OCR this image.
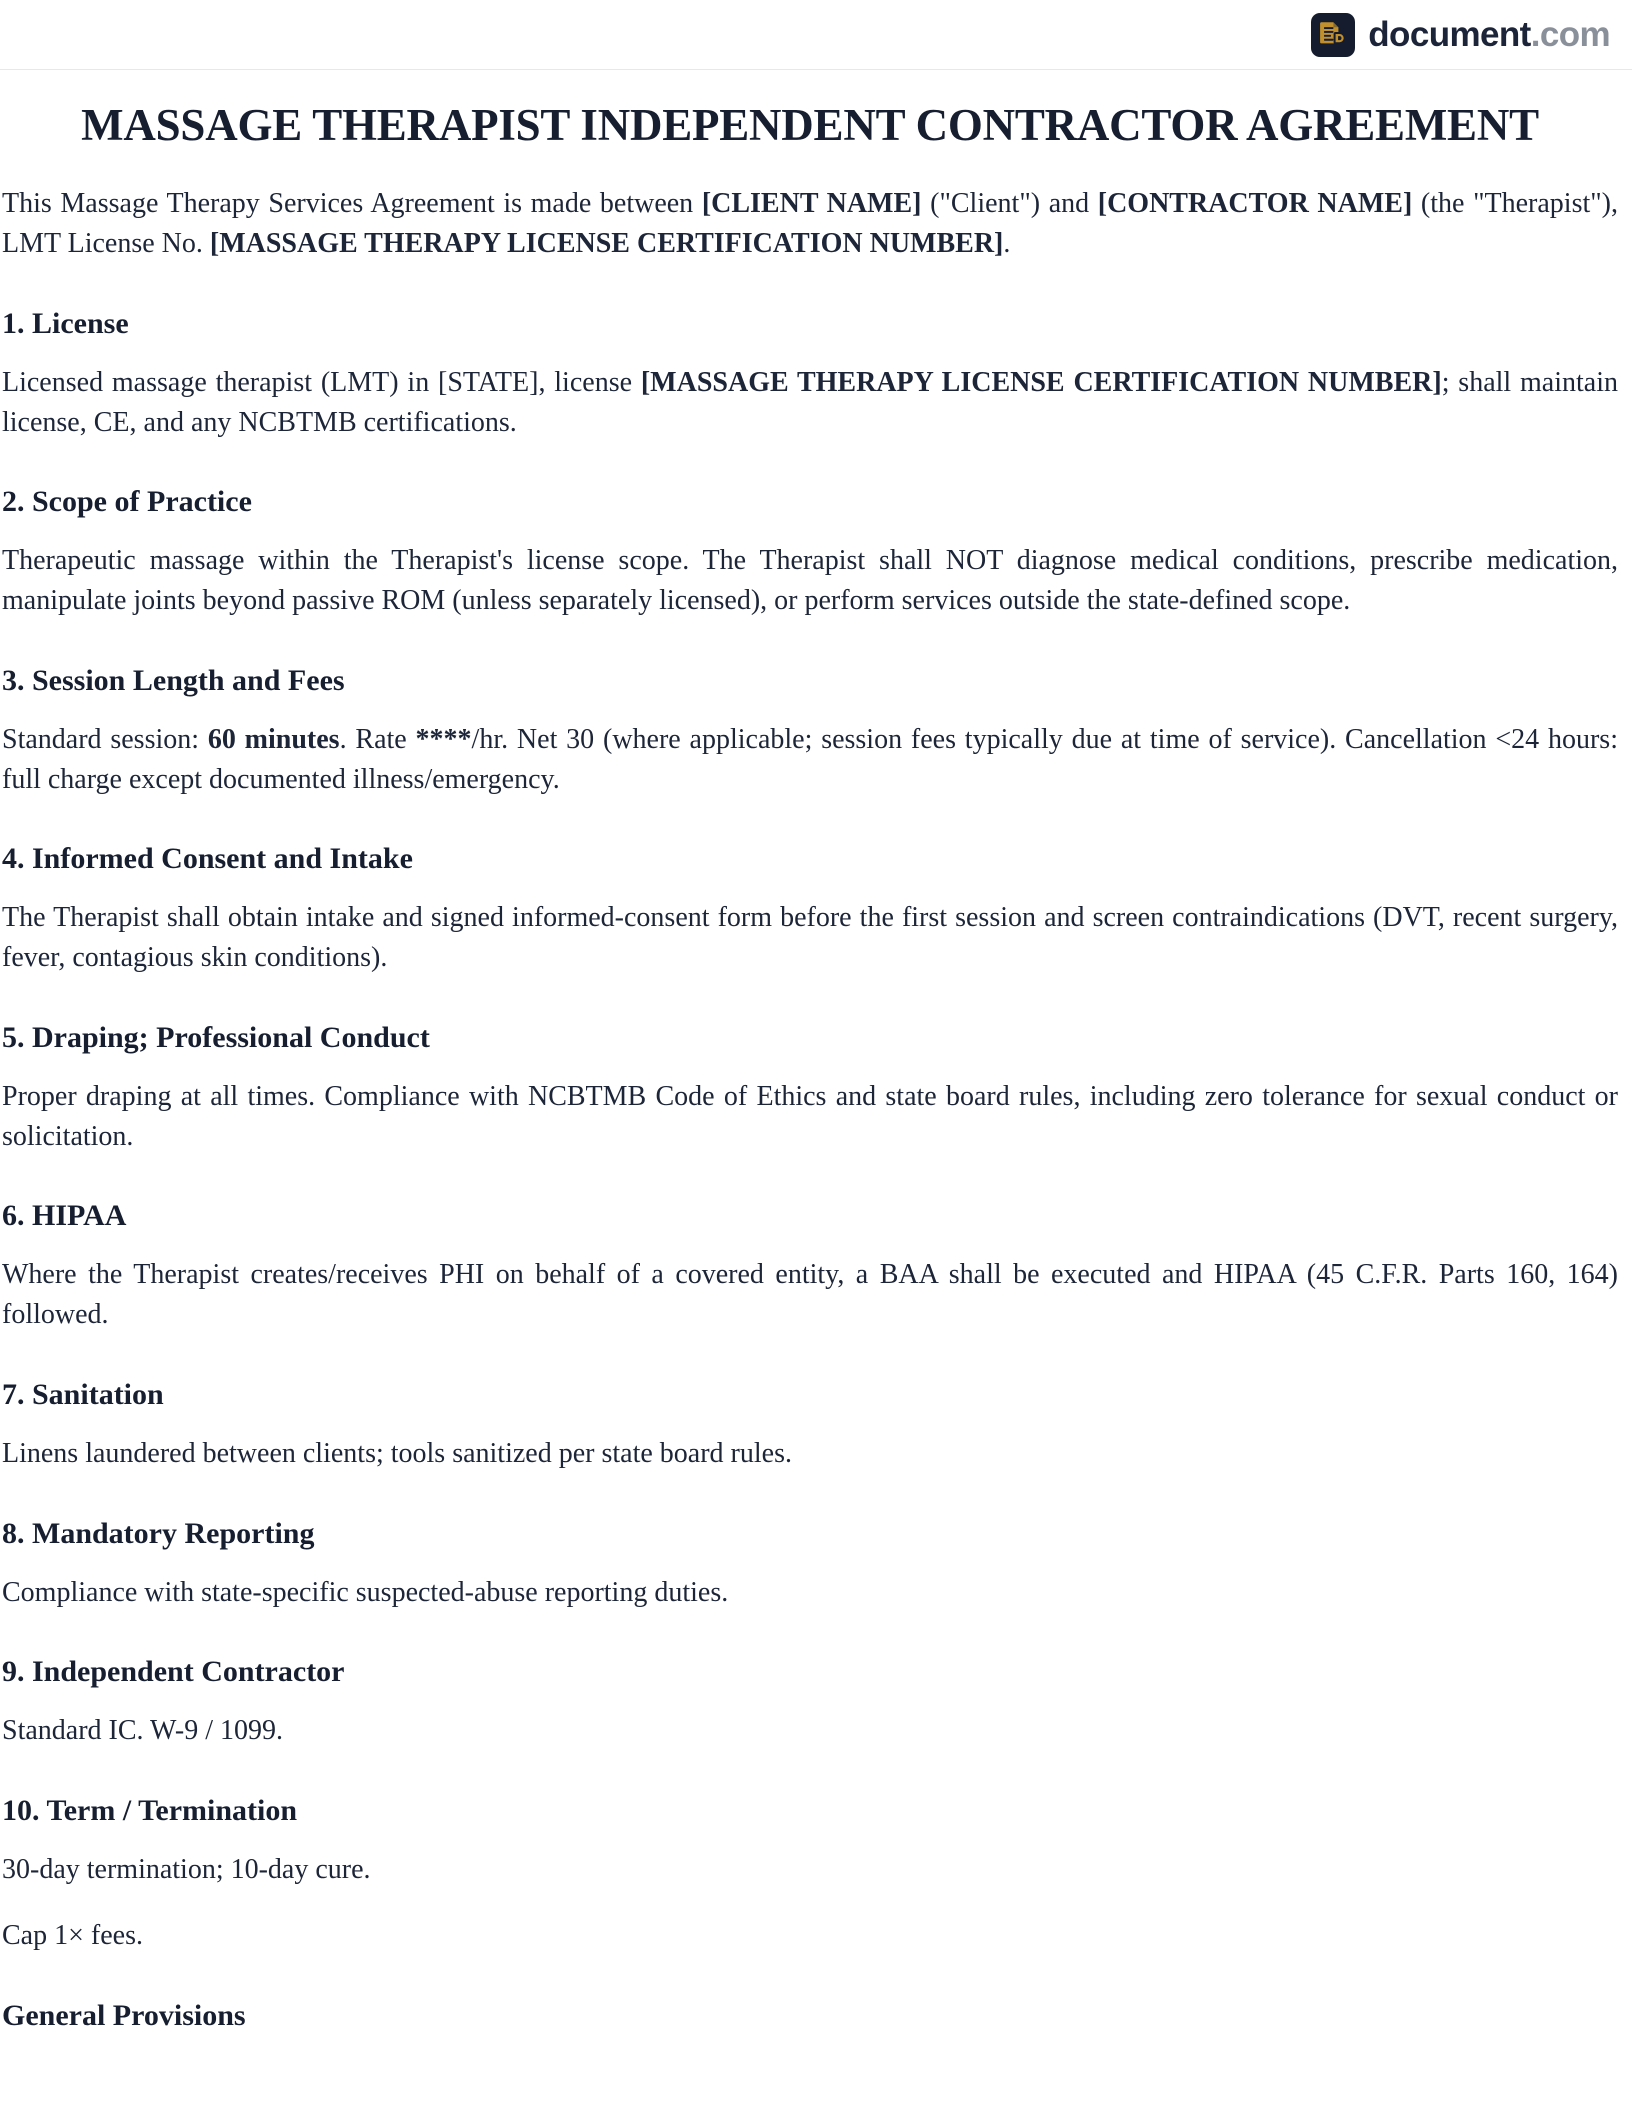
document.com
MASSAGE THERAPIST INDEPENDENT CONTRACTOR AGREEMENT

This Massage Therapy Services Agreement is made between [CLIENT NAME] ("Client") and [CONTRACTOR NAME] (the "Therapist"), LMT License No. [MASSAGE THERAPY LICENSE CERTIFICATION NUMBER].

1. License

Licensed massage therapist (LMT) in [STATE], license [MASSAGE THERAPY LICENSE CERTIFICATION NUMBER]; shall maintain license, CE, and any NCBTMB certifications.

2. Scope of Practice

Therapeutic massage within the Therapist's license scope. The Therapist shall NOT diagnose medical conditions, prescribe medication, manipulate joints beyond passive ROM (unless separately licensed), or perform services outside the state-defined scope.

3. Session Length and Fees

Standard session: 60 minutes. Rate ****/hr. Net 30 (where applicable; session fees typically due at time of service). Cancellation <24 hours: full charge except documented illness/emergency.

4. Informed Consent and Intake

The Therapist shall obtain intake and signed informed-consent form before the first session and screen contraindications (DVT, recent surgery, fever, contagious skin conditions).

5. Draping; Professional Conduct

Proper draping at all times. Compliance with NCBTMB Code of Ethics and state board rules, including zero tolerance for sexual conduct or solicitation.

6. HIPAA

Where the Therapist creates/receives PHI on behalf of a covered entity, a BAA shall be executed and HIPAA (45 C.F.R. Parts 160, 164) followed.

7. Sanitation

Linens laundered between clients; tools sanitized per state board rules.

8. Mandatory Reporting

Compliance with state-specific suspected-abuse reporting duties.

9. Independent Contractor

Standard IC. W-9 / 1099.

10. Term / Termination

30-day termination; 10-day cure.

Cap 1× fees.

General Provisions
